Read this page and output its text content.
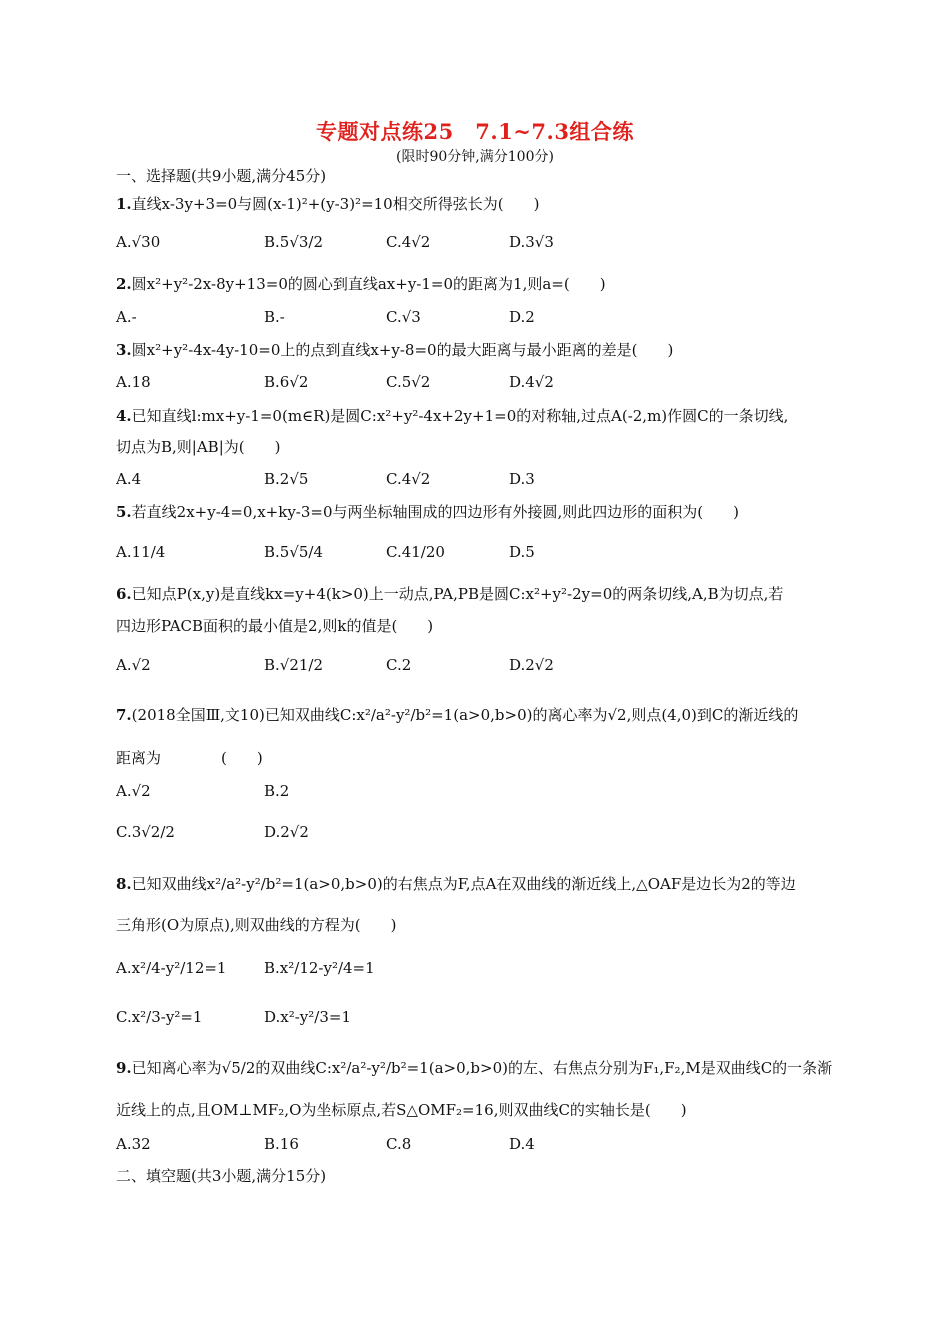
专题对点练25　7.1~7.3组合练
(限时90分钟,满分100分)
一、选择题(共9小题,满分45分)
1.直线x-3y+3=0与圆(x-1)²+(y-3)²=10相交所得弦长为(　　)
A.√30	B.5√3/2	C.4√2	D.3√3
2.圆x²+y²-2x-8y+13=0的圆心到直线ax+y-1=0的距离为1,则a=(　　)
A.-	B.-	C.√3	D.2
3.圆x²+y²-4x-4y-10=0上的点到直线x+y-8=0的最大距离与最小距离的差是(　　)
A.18	B.6√2	C.5√2	D.4√2
4.已知直线l:mx+y-1=0(m∈R)是圆C:x²+y²-4x+2y+1=0的对称轴,过点A(-2,m)作圆C的一条切线,
切点为B,则|AB|为(　　)
A.4	B.2√5	C.4√2	D.3
5.若直线2x+y-4=0,x+ky-3=0与两坐标轴围成的四边形有外接圆,则此四边形的面积为(　　)
A.11/4	B.5√5/4	C.41/20	D.5
6.已知点P(x,y)是直线kx=y+4(k>0)上一动点,PA,PB是圆C:x²+y²-2y=0的两条切线,A,B为切点,若
四边形PACB面积的最小值是2,则k的值是(　　)
A.√2	B.√21/2	C.2	D.2√2
7.(2018全国Ⅲ,文10)已知双曲线C:x²/a²-y²/b²=1(a>0,b>0)的离心率为√2,则点(4,0)到C的渐近线的
距离为　　　　(　　)
A.√2	B.2
C.3√2/2	D.2√2
8.已知双曲线x²/a²-y²/b²=1(a>0,b>0)的右焦点为F,点A在双曲线的渐近线上,△OAF是边长为2的等边
三角形(O为原点),则双曲线的方程为(　　)
A.x²/4-y²/12=1	B.x²/12-y²/4=1
C.x²/3-y²=1	D.x²-y²/3=1
9.已知离心率为√5/2的双曲线C:x²/a²-y²/b²=1(a>0,b>0)的左、右焦点分别为F₁,F₂,M是双曲线C的一条渐
近线上的点,且OM⊥MF₂,O为坐标原点,若S△OMF₂=16,则双曲线C的实轴长是(　　)
A.32	B.16	C.8	D.4
二、填空题(共3小题,满分15分)
